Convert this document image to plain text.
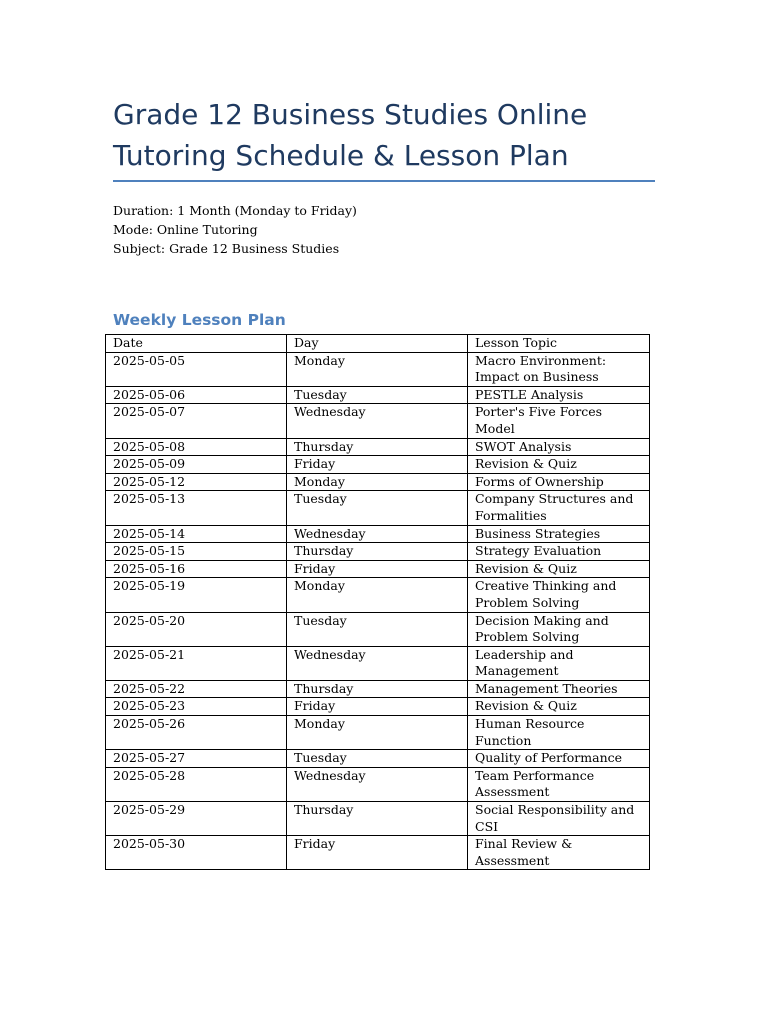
Grade 12 Business Studies Online Tutoring Schedule & Lesson Plan
Duration: 1 Month (Monday to Friday)
Mode: Online Tutoring
Subject: Grade 12 Business Studies
Weekly Lesson Plan
Date	Day	Lesson Topic
2025-05-05	Monday	Macro Environment: Impact on Business
2025-05-06	Tuesday	PESTLE Analysis
2025-05-07	Wednesday	Porter's Five Forces Model
2025-05-08	Thursday	SWOT Analysis
2025-05-09	Friday	Revision & Quiz
2025-05-12	Monday	Forms of Ownership
2025-05-13	Tuesday	Company Structures and Formalities
2025-05-14	Wednesday	Business Strategies
2025-05-15	Thursday	Strategy Evaluation
2025-05-16	Friday	Revision & Quiz
2025-05-19	Monday	Creative Thinking and Problem Solving
2025-05-20	Tuesday	Decision Making and Problem Solving
2025-05-21	Wednesday	Leadership and Management
2025-05-22	Thursday	Management Theories
2025-05-23	Friday	Revision & Quiz
2025-05-26	Monday	Human Resource Function
2025-05-27	Tuesday	Quality of Performance
2025-05-28	Wednesday	Team Performance Assessment
2025-05-29	Thursday	Social Responsibility and CSI
2025-05-30	Friday	Final Review & Assessment
